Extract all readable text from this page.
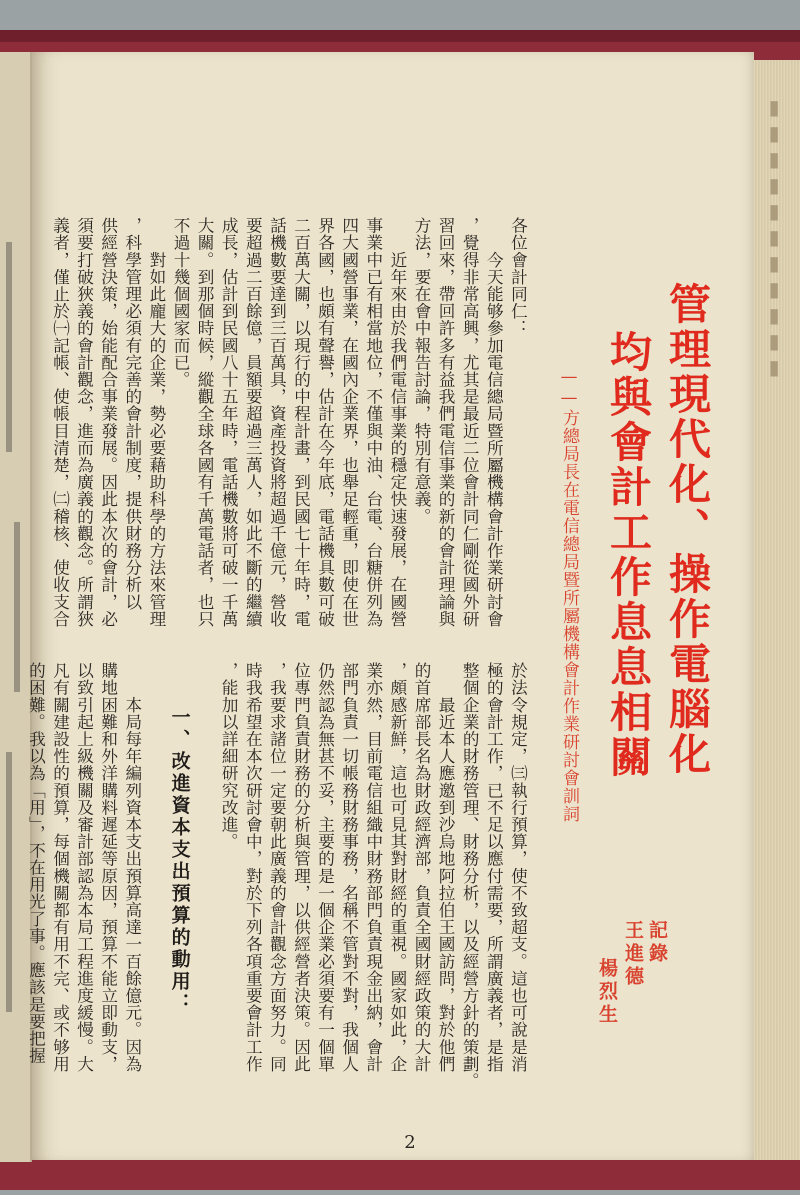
▮▮▮▮▮▮▮▮▮▮▮
管理現代化、操作電腦化
均與會計工作息息相關
——方總局長在電信總局暨所屬機構會計作業研討會訓詞
記錄
王進德
楊烈生
各位會計同仁：
　　今天能够參加電信總局暨所屬機構會計作業研討會
，覺得非常高興，尤其是最近二位會計同仁剛從國外研
習回來，帶回許多有益我們電信事業的新的會計理論與
方法，要在會中報告討論，特別有意義。
　　近年來由於我們電信事業的穩定快速發展，在國營
事業中已有相當地位，不僅與中油、台電、台糖併列為
四大國營事業，在國內企業界，也舉足輕重，即使在世
界各國，也頗有聲譽，估計在今年底，電話機具數可破
二百萬大關，以現行的中程計畫，到民國七十年時，電
話機數要達到三百萬具，資產投資將超過千億元，營收
要超過二百餘億，員額要超過三萬人，如此不斷的繼續
成長，估計到民國八十五年時，電話機數將可破一千萬
大關。到那個時候，縱觀全球各國有千萬電話者，也只
不過十幾個國家而已。
　　對如此龐大的企業，勢必要藉助科學的方法來管理
，科學管理必須有完善的會計制度，提供財務分析以
供經營決策，始能配合事業發展。因此本次的會計，必
須要打破狹義的會計觀念，進而為廣義的觀念。所謂狹
義者，僅止於㈠記帳、使帳目清楚，㈡稽核、使收支合
於法令規定，㈢執行預算，使不致超支。這也可說是消
極的會計工作，已不足以應付需要，所謂廣義者，是指
整個企業的財務管理、財務分析，以及經營方針的策劃。
　　最近本人應邀到沙烏地阿拉伯王國訪問，對於他們
的首席部長名為財政經濟部，負責全國財經政策的大計
，頗感新鮮，這也可見其對財經的重視。國家如此，企
業亦然，目前電信組織中財務部門負責現金出納，會計
部門負責一切帳務財務事務，名稱不管對不對，我個人
仍然認為無甚不妥，主要的是一個企業必須要有一個單
位專門負責財務的分析與管理，以供經營者決策。因此
，我要求諸位一定要朝此廣義的會計觀念方面努力。同
時我希望在本次研討會中，對於下列各項重要會計工作
，能加以詳細研究改進。
一、改進資本支出預算的動用：
　　本局每年編列資本支出預算高達一百餘億元。因為
購地困難和外洋購料遲延等原因，預算不能立即動支，
以致引起上級機關及審計部認為本局工程進度緩慢。大
凡有關建設性的預算，每個機關都有用不完、或不够用
的困難。我以為「用」，不在用光了事。應該是要把握
2
